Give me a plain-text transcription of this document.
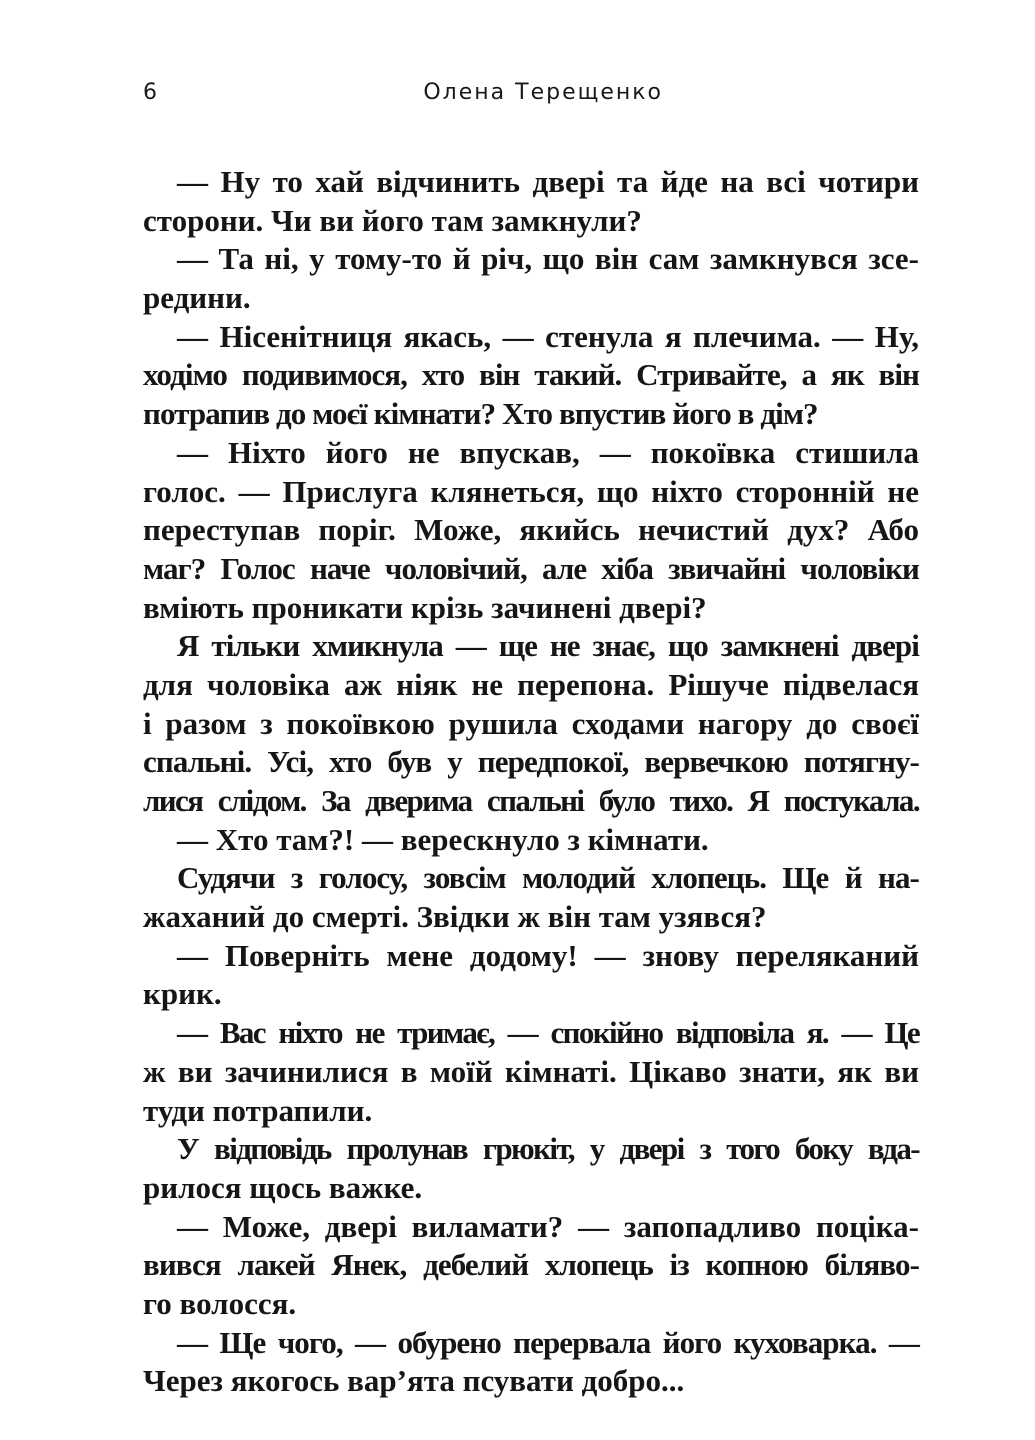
6	Олена Терещенко
— Ну то хай відчинить двері та йде на всі чотири
сторони. Чи ви його там замкнули?
— Та ні, у тому-то й річ, що він сам замкнувся зсе-
редини.
— Нісенітниця якась, — стенула я плечима. — Ну,
ходімо подивимося, хто він такий. Стривайте, а як він
потрапив до моєї кімнати? Хто впустив його в дім?
— Ніхто його не впускав, — покоївка стишила
голос. — Прислуга клянеться, що ніхто сторонній не
переступав поріг. Може, якийсь нечистий дух? Або
маг? Голос наче чоловічий, але хіба звичайні чоловіки
вміють проникати крізь зачинені двері?
Я тільки хмикнула — ще не знає, що замкнені двері
для чоловіка аж ніяк не перепона. Рішуче підвелася
і разом з покоївкою рушила сходами нагору до своєї
спальні. Усі, хто був у передпокої, вервечкою потягну-
лися слідом. За дверима спальні було тихо. Я постукала.
— Хто там?! — верескнуло з кімнати.
Судячи з голосу, зовсім молодий хлопець. Ще й на-
жаханий до смерті. Звідки ж він там узявся?
— Поверніть мене додому! — знову переляканий
крик.
— Вас ніхто не тримає, — спокійно відповіла я. — Це
ж ви зачинилися в моїй кімнаті. Цікаво знати, як ви
туди потрапили.
У відповідь пролунав грюкіт, у двері з того боку вда-
рилося щось важке.
— Може, двері виламати? — запопадливо поціка-
вився лакей Янек, дебелий хлопець із копною біляво-
го волосся.
— Ще чого, — обурено перервала його куховарка. —
Через якогось вар’ята псувати добро...
